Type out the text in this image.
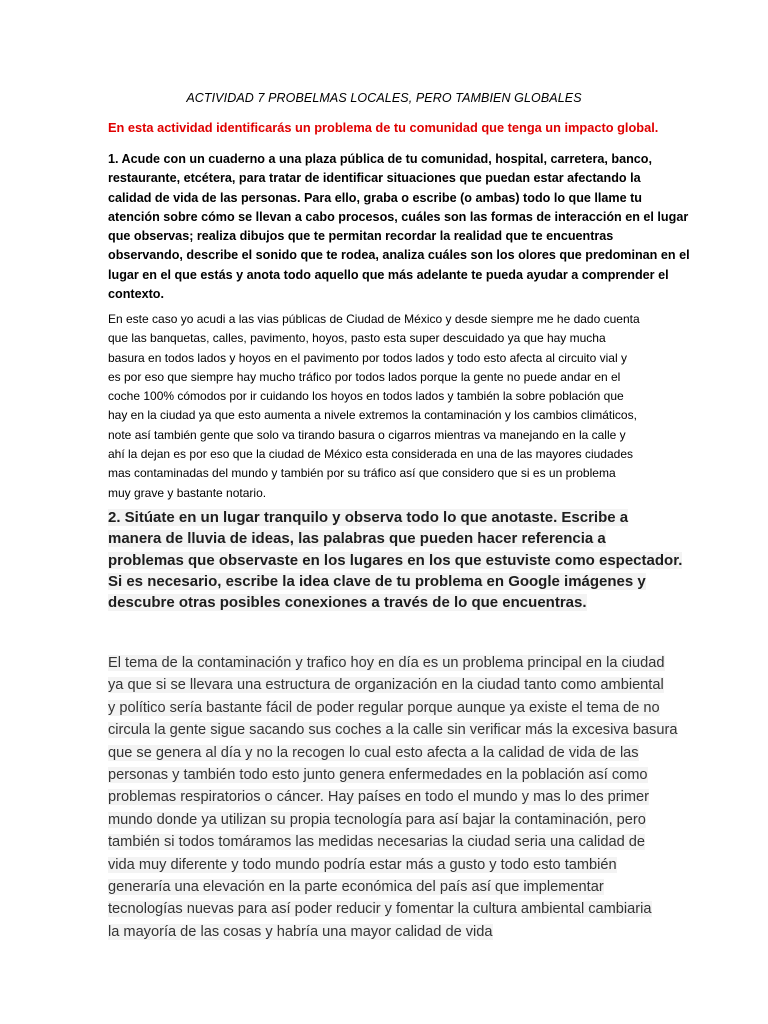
ACTIVIDAD 7 PROBELMAS LOCALES, PERO TAMBIEN GLOBALES
En esta actividad identificarás un problema de tu comunidad que tenga un impacto global.
1. Acude con un cuaderno a una plaza pública de tu comunidad, hospital, carretera, banco,
restaurante, etcétera, para tratar de identificar situaciones que puedan estar afectando la
calidad de vida de las personas. Para ello, graba o escribe (o ambas) todo lo que llame tu
atención sobre cómo se llevan a cabo procesos, cuáles son las formas de interacción en el lugar
que observas; realiza dibujos que te permitan recordar la realidad que te encuentras
observando, describe el sonido que te rodea, analiza cuáles son los olores que predominan en el
lugar en el que estás y anota todo aquello que más adelante te pueda ayudar a comprender el
contexto.
En este caso yo acudi a las vias públicas de Ciudad de México y desde siempre me he dado cuenta
que las banquetas, calles, pavimento, hoyos, pasto esta super descuidado ya que hay mucha
basura en todos lados y hoyos en el pavimento por todos lados y todo esto afecta al circuito vial y
es por eso que siempre hay mucho tráfico por todos lados porque la gente no puede andar en el
coche 100% cómodos por ir cuidando los hoyos en todos lados y también la sobre población que
hay en la ciudad ya que esto aumenta a nivele extremos la contaminación y los cambios climáticos,
note así también gente que solo va tirando basura o cigarros mientras va manejando en la calle y
ahí la dejan es por eso que la ciudad de México esta considerada en una de las mayores ciudades
mas contaminadas del mundo y también por su tráfico así que considero que si es un problema
muy grave y bastante notario.
2. Sitúate en un lugar tranquilo y observa todo lo que anotaste. Escribe a
manera de lluvia de ideas, las palabras que pueden hacer referencia a
problemas que observaste en los lugares en los que estuviste como espectador.
Si es necesario, escribe la idea clave de tu problema en Google imágenes y
descubre otras posibles conexiones a través de lo que encuentras.
El tema de la contaminación y trafico hoy en día es un problema principal en la ciudad
ya que si se llevara una estructura de organización en la ciudad tanto como ambiental
y político sería bastante fácil de poder regular porque aunque ya existe el tema de no
circula la gente sigue sacando sus coches a la calle sin verificar más la excesiva basura
que se genera al día y no la recogen lo cual esto afecta a la calidad de vida de las
personas y también todo esto junto genera enfermedades en la población así como
problemas respiratorios o cáncer. Hay países en todo el mundo y mas lo des primer
mundo donde ya utilizan su propia tecnología para así bajar la contaminación, pero
también si todos tomáramos las medidas necesarias la ciudad seria una calidad de
vida muy diferente y todo mundo podría estar más a gusto y todo esto también
generaría una elevación en la parte económica del país así que implementar
tecnologías nuevas para así poder reducir y fomentar la cultura ambiental cambiaria
la mayoría de las cosas y habría una mayor calidad de vida
